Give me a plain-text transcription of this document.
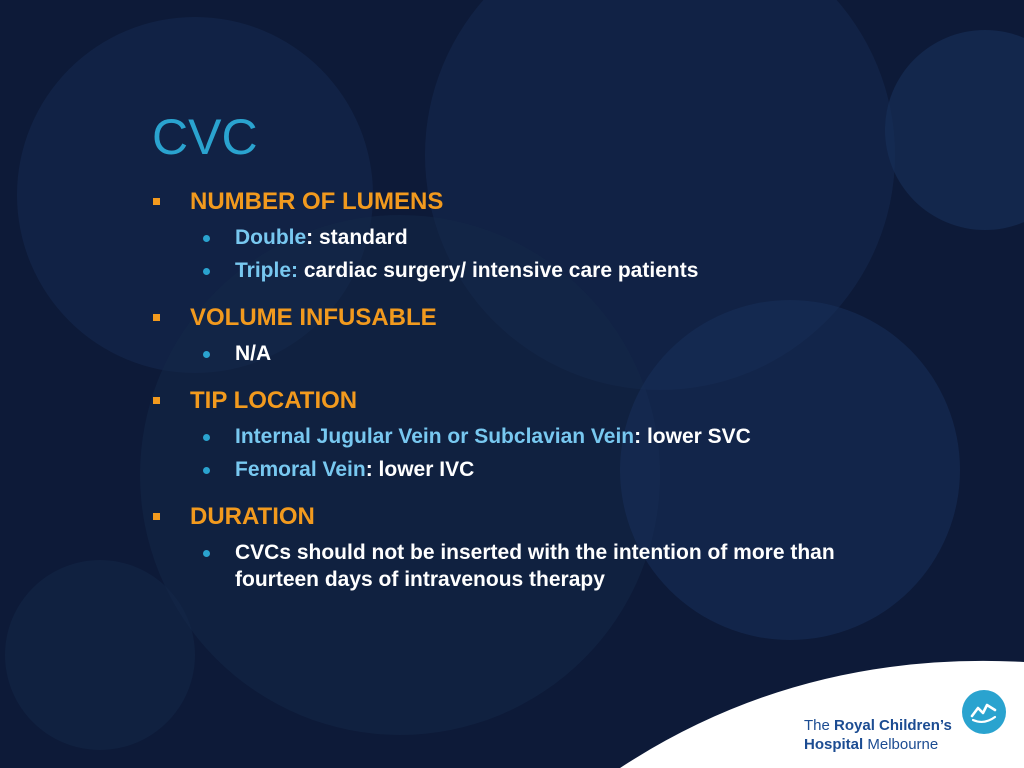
CVC
NUMBER OF LUMENS
Double: standard
Triple: cardiac surgery/ intensive care patients
VOLUME INFUSABLE
N/A
TIP LOCATION
Internal Jugular Vein or Subclavian Vein: lower SVC
Femoral Vein: lower IVC
DURATION
CVCs should not be inserted with the intention of more than fourteen days of intravenous therapy
The Royal Children’s
Hospital Melbourne
